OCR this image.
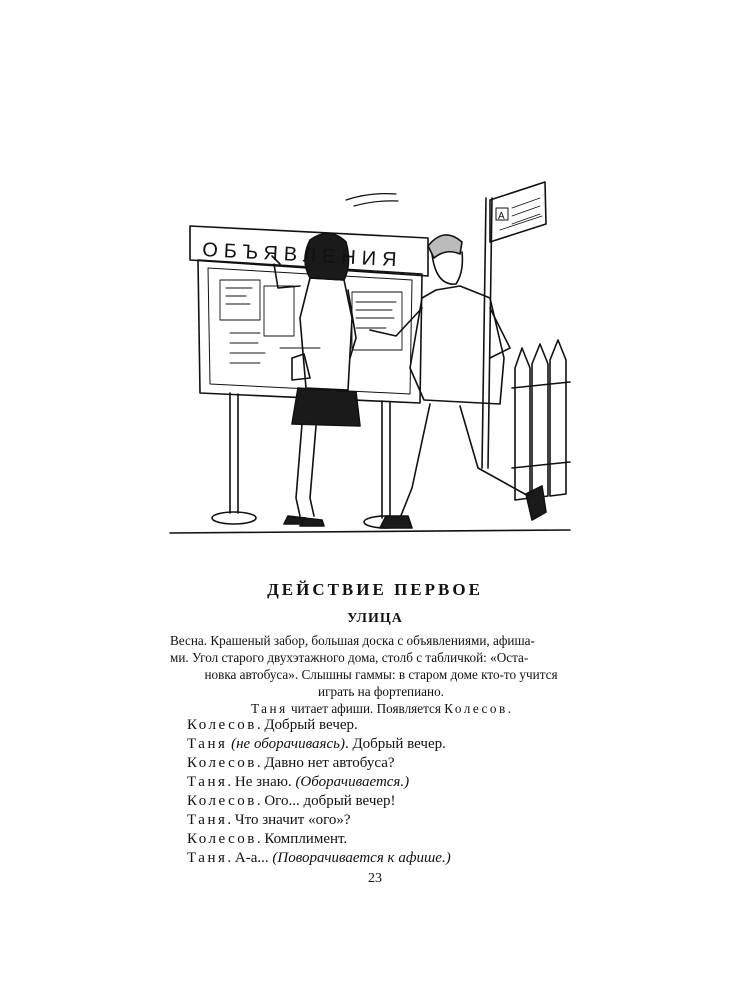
ОБЪЯВЛЕНИЯ
А
ДЕЙСТВИЕ ПЕРВОЕ
УЛИЦА
Весна. Крашеный забор, большая доска с объявлениями, афиша-
ми. Угол старого двухэтажного дома, столб с табличкой: «Оста-
новка автобуса». Слышны гаммы: в старом доме кто-то учится
играть на фортепиано.
Таня читает афиши. Появляется Колесов.
Колесов. Добрый вечер.
Таня (не оборачиваясь). Добрый вечер.
Колесов. Давно нет автобуса?
Таня. Не знаю. (Оборачивается.)
Колесов. Ого... добрый вечер!
Таня. Что значит «ого»?
Колесов. Комплимент.
Таня. А-а... (Поворачивается к афише.)
23
